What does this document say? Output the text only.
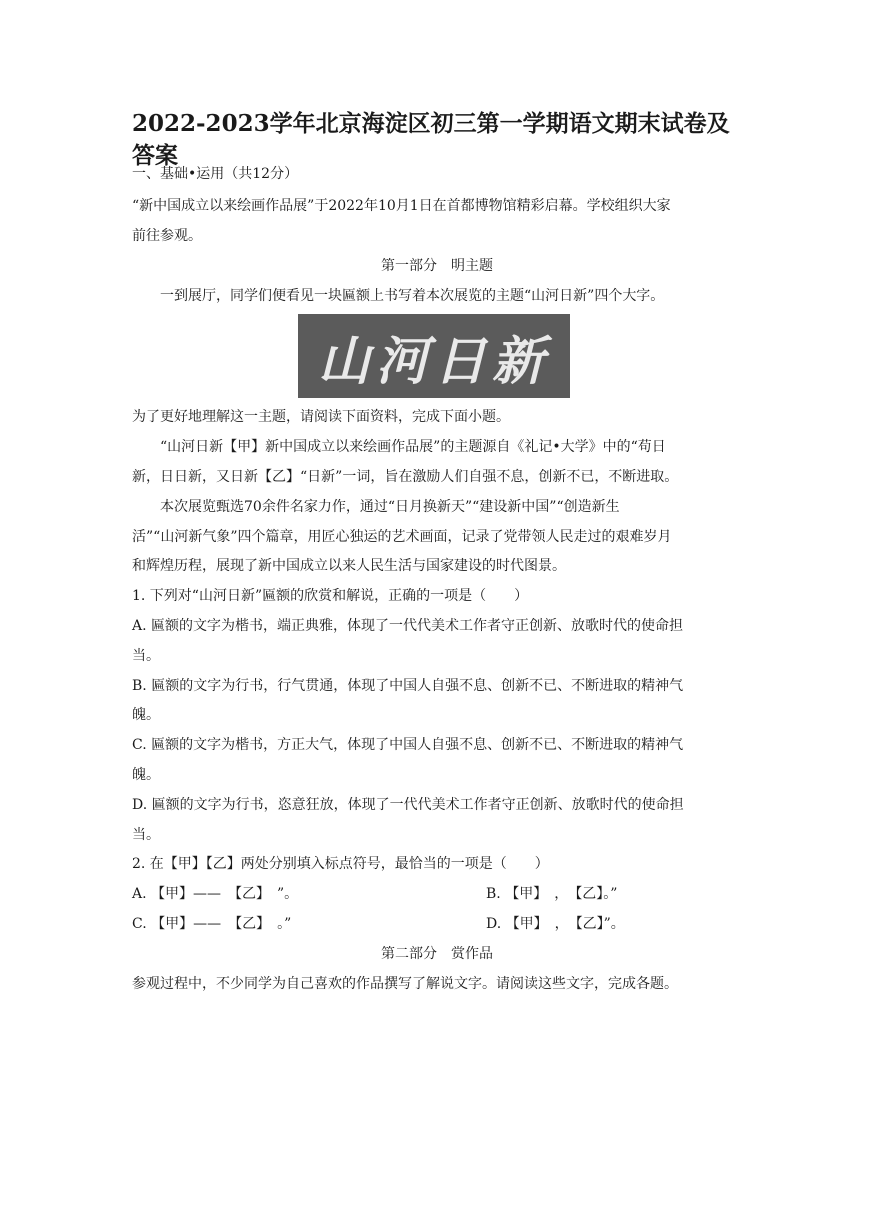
2022-2023学年北京海淀区初三第一学期语文期末试卷及答案
一、基础•运用（共12分）
“新中国成立以来绘画作品展”于2022年10月1日在首都博物馆精彩启幕。学校组织大家
前往参观。
第一部分　明主题
一到展厅，同学们便看见一块匾额上书写着本次展览的主题“山河日新”四个大字。
山河日新
为了更好地理解这一主题，请阅读下面资料，完成下面小题。
“山河日新【甲】新中国成立以来绘画作品展”的主题源自《礼记•大学》中的“苟日
新，日日新，又日新【乙】“日新”一词，旨在激励人们自强不息，创新不已，不断进取。
本次展览甄选70余件名家力作，通过“日月换新天”“建设新中国”“创造新生
活”“山河新气象”四个篇章，用匠心独运的艺术画面，记录了党带领人民走过的艰难岁月
和辉煌历程，展现了新中国成立以来人民生活与国家建设的时代图景。
1. 下列对“山河日新”匾额的欣赏和解说，正确的一项是（　　）
A. 匾额的文字为楷书，端正典雅，体现了一代代美术工作者守正创新、放歌时代的使命担
当。
B. 匾额的文字为行书，行气贯通，体现了中国人自强不息、创新不已、不断进取的精神气
魄。
C. 匾额的文字为楷书，方正大气，体现了中国人自强不息、创新不已、不断进取的精神气
魄。
D. 匾额的文字为行书，恣意狂放，体现了一代代美术工作者守正创新、放歌时代的使命担
当。
2. 在【甲】【乙】两处分别填入标点符号，最恰当的一项是（　　）
A. 【甲】——　【乙】　”。	B. 【甲】　，　【乙】。”
C. 【甲】——　【乙】　。”	D. 【甲】　，　【乙】”。
第二部分　赏作品
参观过程中，不少同学为自己喜欢的作品撰写了解说文字。请阅读这些文字，完成各题。
